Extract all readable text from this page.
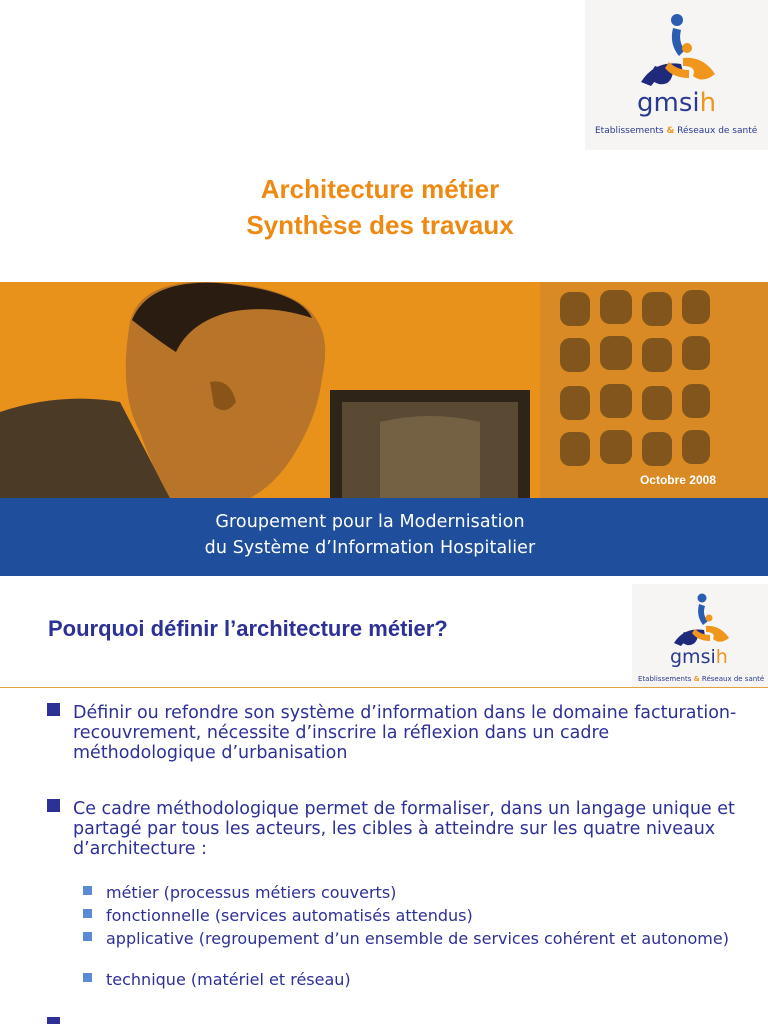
gmsih
Etablissements & Réseaux de santé
Architecture métier
Synthèse des travaux
Octobre 2008
Groupement pour la Modernisation
du Système d’Information Hospitalier
gmsih
Etablissements & Réseaux de santé
Pourquoi définir l’architecture métier?
Définir ou refondre son système d’information dans le domaine facturation-recouvrement, nécessite d’inscrire la réflexion dans un cadre méthodologique d’urbanisation
Ce cadre méthodologique permet de formaliser, dans un langage unique et partagé par tous les acteurs, les cibles à atteindre sur les quatre niveaux d’architecture :
métier (processus métiers couverts)
fonctionnelle (services automatisés attendus)
applicative (regroupement d’un ensemble de services cohérent et autonome)
technique (matériel et réseau)
